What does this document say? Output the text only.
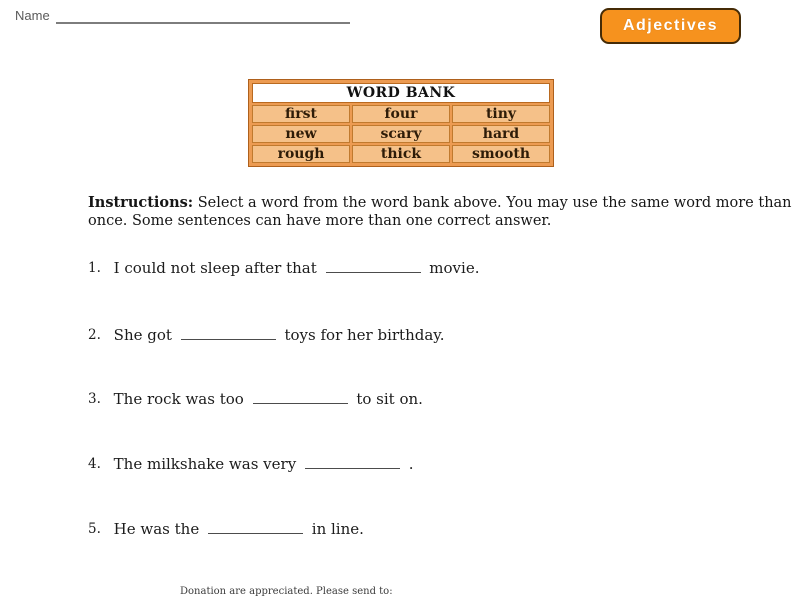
Name
Adjectives
WORD BANK
first	four	tiny
new	scary	hard
rough	thick	smooth

Instructions: Select a word from the word bank above. You may use the same word more than
once. Some sentences can have more than one correct answer.

1. I could not sleep after that	movie.
2. She got	toys for her birthday.
3. The rock was too	to sit on.
4. The milkshake was very	.
5. He was the	in line.
Donation are appreciated. Please send to:
